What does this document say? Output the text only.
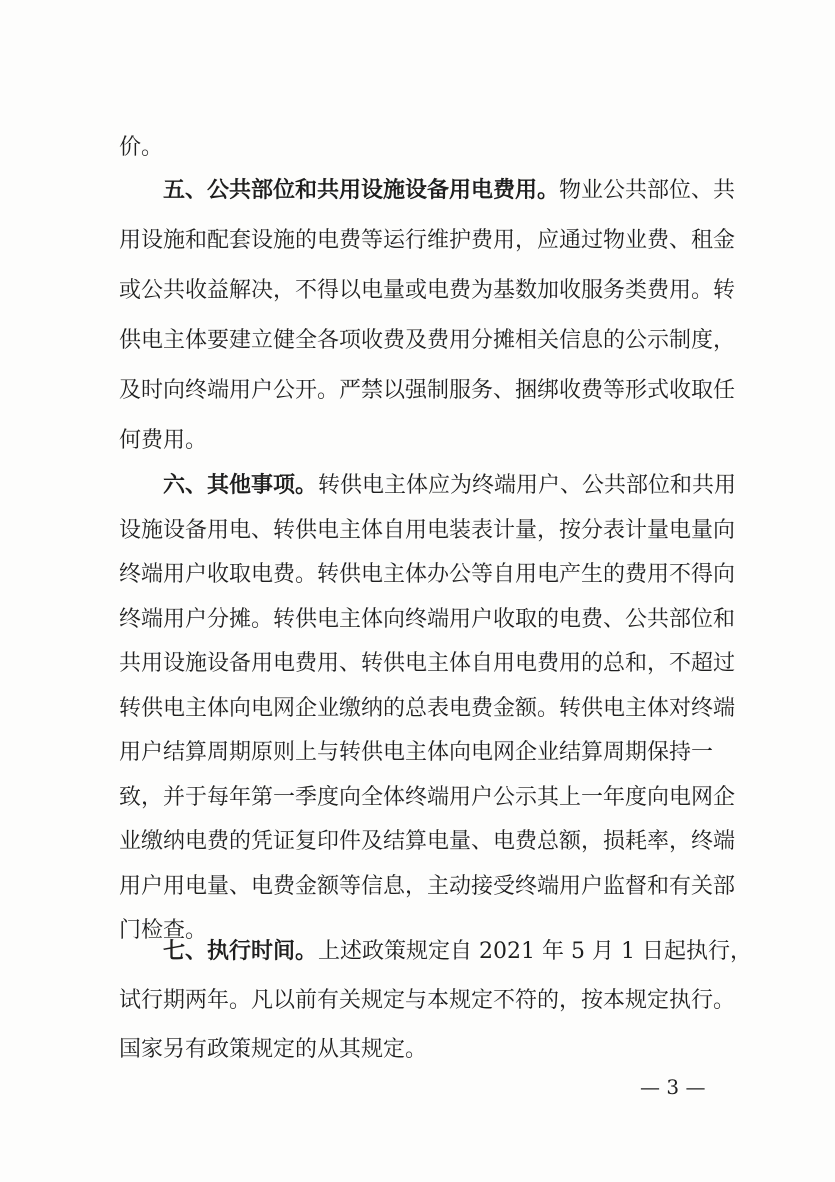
价。
五、公共部位和共用设施设备用电费用。 物业公共部位、共
用设施和配套设施的电费等运行维护费用，应通过物业费、租金
或公共收益解决，不得以电量或电费为基数加收服务类费用。转
供电主体要建立健全各项收费及费用分摊相关信息的公示制度，
及时向终端用户公开。严禁以强制服务、捆绑收费等形式收取任
何费用。
六、其他事项。 转供电主体应为终端用户、公共部位和共用
设施设备用电、转供电主体自用电装表计量，按分表计量电量向
终端用户收取电费。转供电主体办公等自用电产生的费用不得向
终端用户分摊。转供电主体向终端用户收取的电费、公共部位和
共用设施设备用电费用、转供电主体自用电费用的总和，不超过
转供电主体向电网企业缴纳的总表电费金额。转供电主体对终端
用户结算周期原则上与转供电主体向电网企业结算周期保持一
致，并于每年第一季度向全体终端用户公示其上一年度向电网企
业缴纳电费的凭证复印件及结算电量、电费总额，损耗率，终端
用户用电量、电费金额等信息，主动接受终端用户监督和有关部
门检查。
七、执行时间。 上述政策规定自 2021 年 5 月 1 日起执行，
试行期两年。凡以前有关规定与本规定不符的，按本规定执行。
国家另有政策规定的从其规定。
— 3 —
